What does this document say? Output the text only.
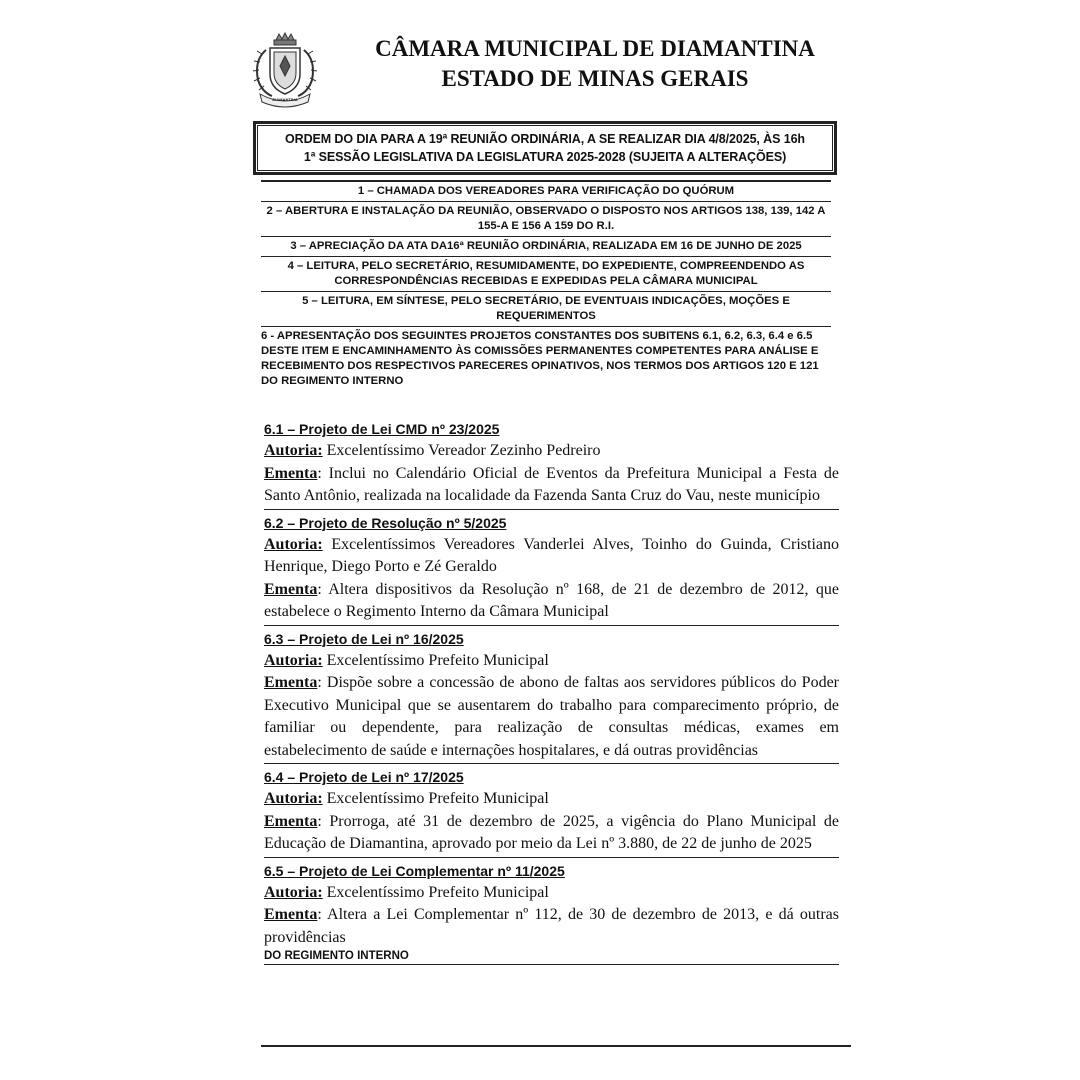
DIAMANTINA
CÂMARA MUNICIPAL DE DIAMANTINA
ESTADO DE MINAS GERAIS
ORDEM DO DIA PARA A 19ª REUNIÃO ORDINÁRIA, A SE REALIZAR DIA 4/8/2025, ÀS 16h
1ª SESSÃO LEGISLATIVA DA LEGISLATURA 2025-2028 (SUJEITA A ALTERAÇÕES)
1 – CHAMADA DOS VEREADORES PARA VERIFICAÇÃO DO QUÓRUM
2 – ABERTURA E INSTALAÇÃO DA REUNIÃO, OBSERVADO O DISPOSTO NOS ARTIGOS 138, 139, 142 A 155-A E 156 A 159 DO R.I.
3 – APRECIAÇÃO DA ATA DA16ª REUNIÃO ORDINÁRIA, REALIZADA EM 16 DE JUNHO DE 2025
4 – LEITURA, PELO SECRETÁRIO, RESUMIDAMENTE, DO EXPEDIENTE, COMPREENDENDO AS CORRESPONDÊNCIAS RECEBIDAS E EXPEDIDAS PELA CÂMARA MUNICIPAL
5 – LEITURA, EM SÍNTESE, PELO SECRETÁRIO, DE EVENTUAIS INDICAÇÕES, MOÇÕES E REQUERIMENTOS
6 - APRESENTAÇÃO DOS SEGUINTES PROJETOS CONSTANTES DOS SUBITENS 6.1, 6.2, 6.3, 6.4 e 6.5 DESTE ITEM E ENCAMINHAMENTO ÀS COMISSÕES PERMANENTES COMPETENTES PARA ANÁLISE E RECEBIMENTO DOS RESPECTIVOS PARECERES OPINATIVOS, NOS TERMOS DOS ARTIGOS 120 E 121 DO REGIMENTO INTERNO
6.1 – Projeto de Lei CMD nº 23/2025

Autoria: Excelentíssimo Vereador Zezinho Pedreiro

Ementa: Inclui no Calendário Oficial de Eventos da Prefeitura Municipal a Festa de Santo Antônio, realizada na localidade da Fazenda Santa Cruz do Vau, neste município

6.2 – Projeto de Resolução nº 5/2025

Autoria: Excelentíssimos Vereadores Vanderlei Alves, Toinho do Guinda, Cristiano Henrique, Diego Porto e Zé Geraldo

Ementa: Altera dispositivos da Resolução nº 168, de 21 de dezembro de 2012, que estabelece o Regimento Interno da Câmara Municipal

6.3 – Projeto de Lei nº 16/2025

Autoria: Excelentíssimo Prefeito Municipal

Ementa: Dispõe sobre a concessão de abono de faltas aos servidores públicos do Poder Executivo Municipal que se ausentarem do trabalho para comparecimento próprio, de familiar ou dependente, para realização de consultas médicas, exames em estabelecimento de saúde e internações hospitalares, e dá outras providências

6.4 – Projeto de Lei nº 17/2025

Autoria: Excelentíssimo Prefeito Municipal

Ementa: Prorroga, até 31 de dezembro de 2025, a vigência do Plano Municipal de Educação de Diamantina, aprovado por meio da Lei nº 3.880, de 22 de junho de 2025

6.5 – Projeto de Lei Complementar nº 11/2025

Autoria: Excelentíssimo Prefeito Municipal

Ementa: Altera a Lei Complementar nº 112, de 30 de dezembro de 2013, e dá outras providências

DO REGIMENTO INTERNO
